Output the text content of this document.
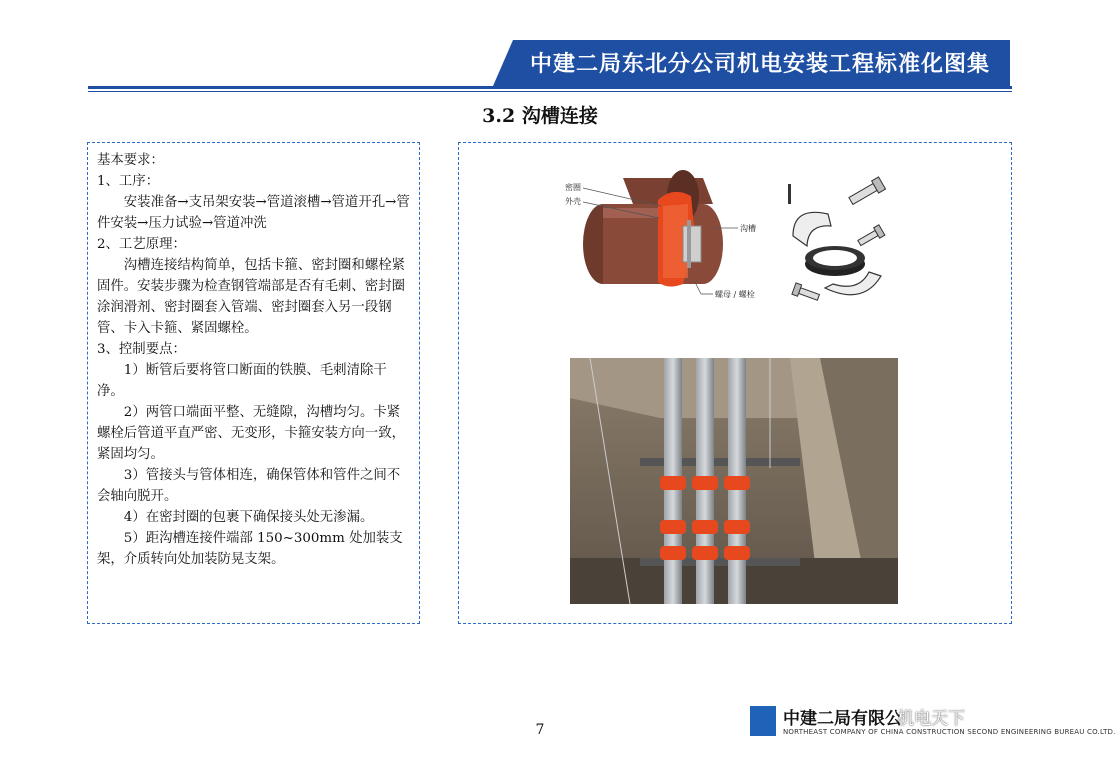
中建二局东北分公司机电安装工程标准化图集
3.2 沟槽连接

基本要求：

1、工序：

安装准备→支吊架安装→管道滚槽→管道开孔→管件安装→压力试验→管道冲洗

2、工艺原理：

沟槽连接结构简单，包括卡箍、密封圈和螺栓紧固件。安装步骤为检查钢管端部是否有毛刺、密封圈涂润滑剂、密封圈套入管端、密封圈套入另一段钢管、卡入卡箍、紧固螺栓。

3、控制要点：

1）断管后要将管口断面的铁膜、毛刺清除干净。

2）两管口端面平整、无缝隙，沟槽均匀。卡紧螺栓后管道平直严密、无变形，卡箍安装方向一致，紧固均匀。

3）管接头与管体相连，确保管体和管件之间不会轴向脱开。

4）在密封圈的包裹下确保接头处无渗漏。

5）距沟槽连接件端部 150~300mm 处加装支架，介质转向处加装防晃支架。

密圈
外壳
沟槽
螺母 / 螺栓
7
中建二局有限公
NORTHEAST COMPANY OF CHINA CONSTRUCTION SECOND ENGINEERING BUREAU CO.LTD.
机电天下
